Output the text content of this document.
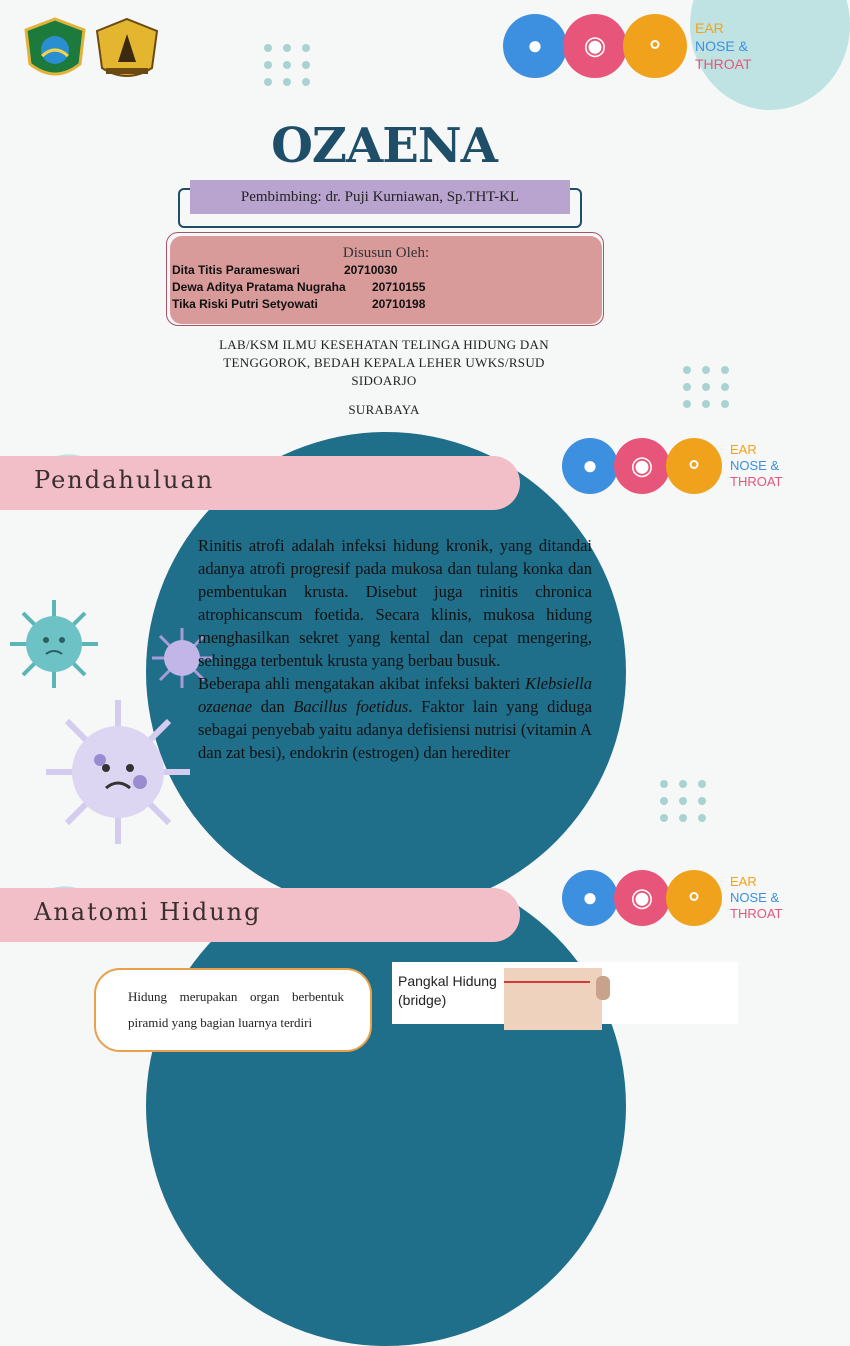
●	◉	⚬
EAR
NOSE &
THROAT
OZAENA
Pembimbing: dr. Puji Kurniawan, Sp.THT-KL
Disusun Oleh:
Dita Titis Parameswari	20710030
Dewa Aditya Pratama Nugraha 20710155
Tika Riski Putri Setyowati	20710198
LAB/KSM ILMU KESEHATAN TELINGA HIDUNG DAN
TENGGOROK, BEDAH KEPALA LEHER UWKS/RSUD
SIDOARJO
SURABAYA
Pendahuluan	●	◉	⚬
EAR
NOSE &
THROAT
Rinitis atrofi adalah infeksi hidung kronik, yang ditandai adanya atrofi progresif pada mukosa dan tulang konka dan pembentukan krusta. Disebut juga rinitis chronica atrophicanscum foetida. Secara klinis, mukosa hidung menghasilkan sekret yang kental dan cepat mengering, sehingga terbentuk krusta yang berbau busuk.
Beberapa ahli mengatakan akibat infeksi bakteri Klebsiella ozaenae dan Bacillus foetidus. Faktor lain yang diduga sebagai penyebab yaitu adanya defisiensi nutrisi (vitamin A dan zat besi), endokrin (estrogen) dan herediter
Anatomi Hidung	●	◉	⚬
EAR
NOSE &
THROAT
Hidung merupakan organ berbentuk piramid yang bagian luarnya terdiri
Pangkal Hidung
(bridge)
